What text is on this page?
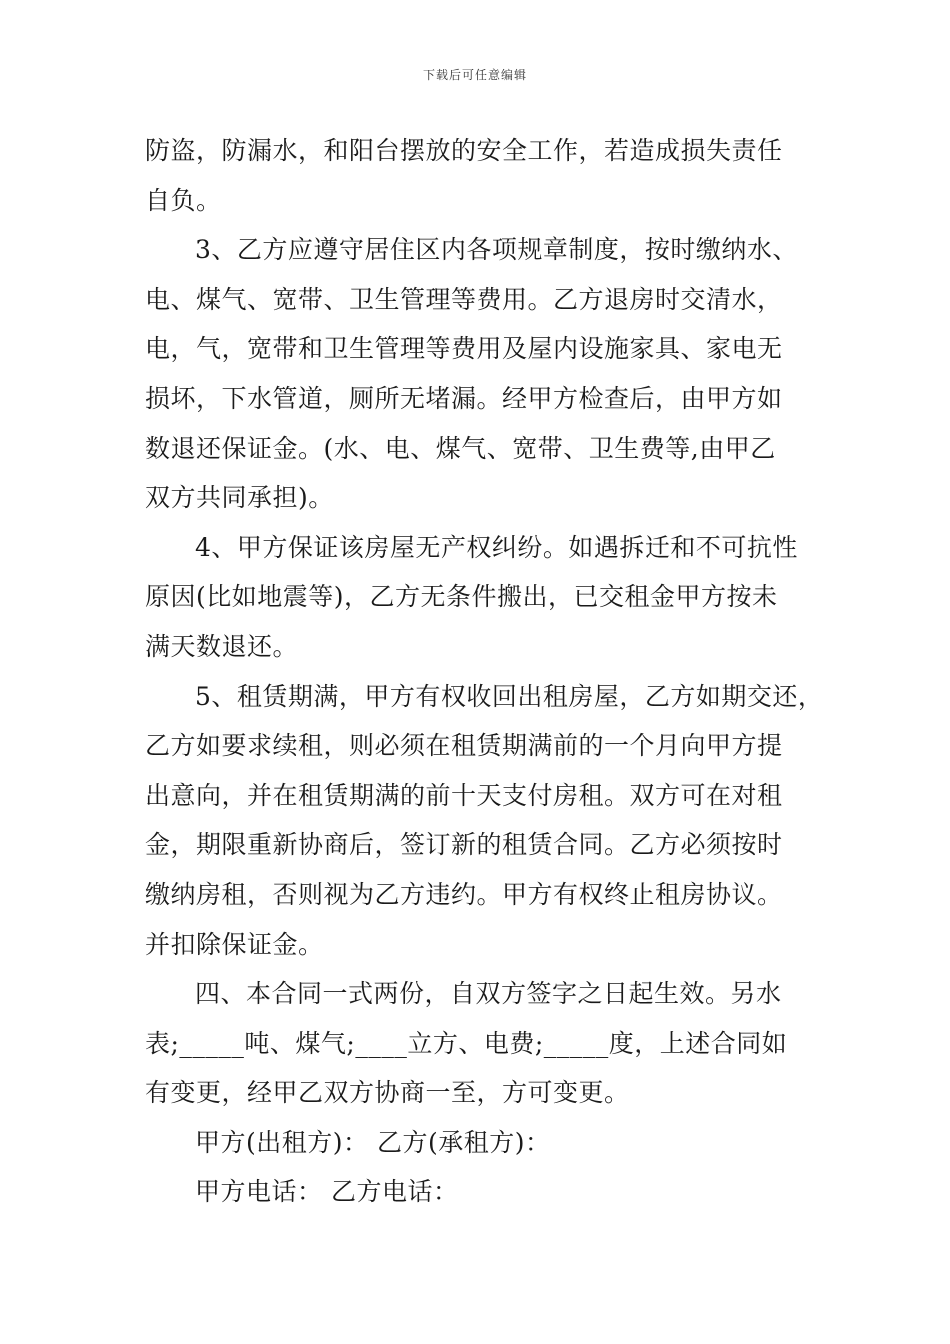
下载后可任意编辑
防盗，防漏水，和阳台摆放的安全工作，若造成损失责任
自负。
3、乙方应遵守居住区内各项规章制度，按时缴纳水、
电、煤气、宽带、卫生管理等费用。乙方退房时交清水，
电，气，宽带和卫生管理等费用及屋内设施家具、家电无
损坏，下水管道，厕所无堵漏。经甲方检查后，由甲方如
数退还保证金。(水、电、煤气、宽带、卫生费等,由甲乙
双方共同承担)。
4、甲方保证该房屋无产权纠纷。如遇拆迁和不可抗性
原因(比如地震等)，乙方无条件搬出，已交租金甲方按未
满天数退还。
5、租赁期满，甲方有权收回出租房屋，乙方如期交还，
乙方如要求续租，则必须在租赁期满前的一个月向甲方提
出意向，并在租赁期满的前十天支付房租。双方可在对租
金，期限重新协商后，签订新的租赁合同。乙方必须按时
缴纳房租，否则视为乙方违约。甲方有权终止租房协议。
并扣除保证金。
四、本合同一式两份，自双方签字之日起生效。另水
表;_____吨、煤气;____立方、电费;_____度，上述合同如
有变更，经甲乙双方协商一至，方可变更。
甲方(出租方)： 乙方(承租方)：
甲方电话： 乙方电话：
